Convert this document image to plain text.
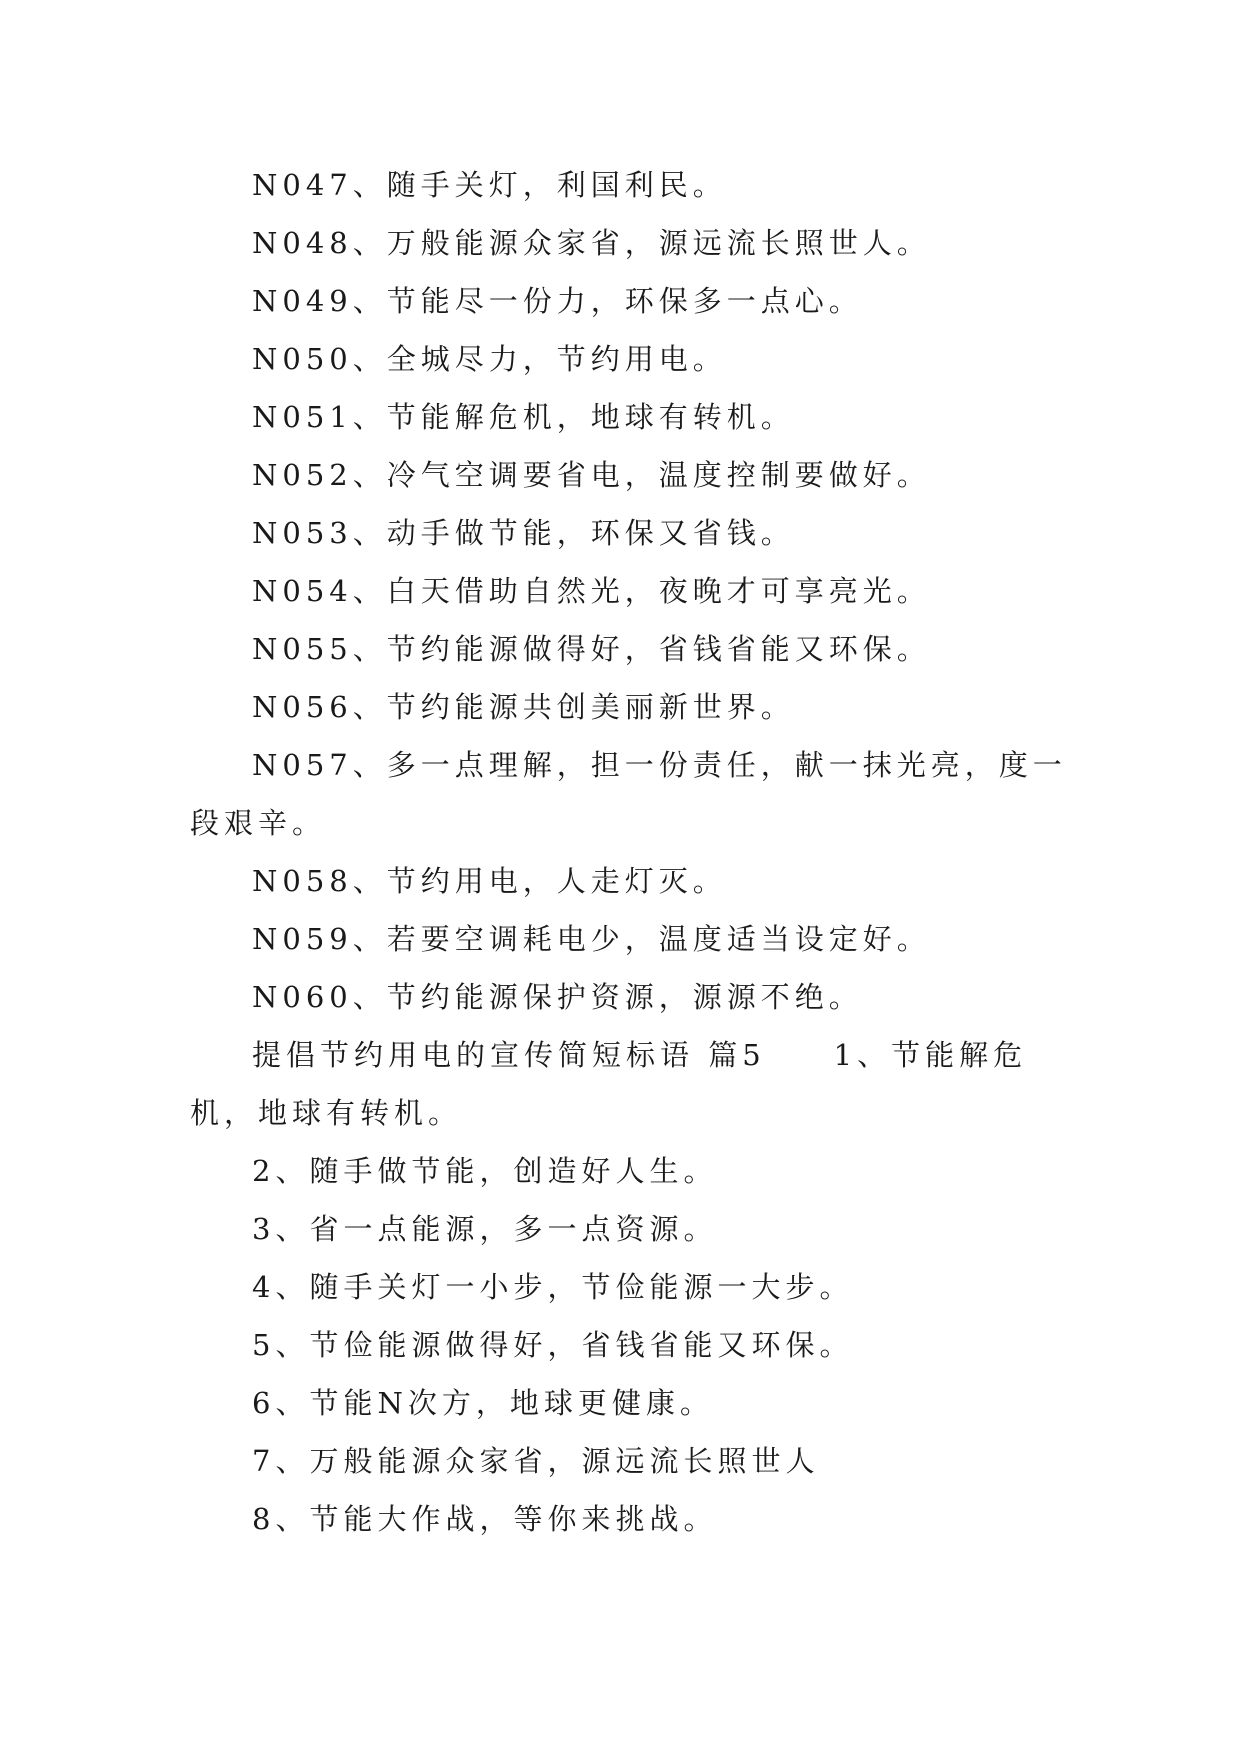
N047、随手关灯，利国利民。

N048、万般能源众家省，源远流长照世人。

N049、节能尽一份力，环保多一点心。

N050、全城尽力，节约用电。

N051、节能解危机，地球有转机。

N052、冷气空调要省电，温度控制要做好。

N053、动手做节能，环保又省钱。

N054、白天借助自然光，夜晚才可享亮光。

N055、节约能源做得好，省钱省能又环保。

N056、节约能源共创美丽新世界。

N057、多一点理解，担一份责任，献一抹光亮，度一段艰辛。

N058、节约用电，人走灯灭。

N059、若要空调耗电少，温度适当设定好。

N060、节约能源保护资源，源源不绝。

提倡节约用电的宣传简短标语 篇5　　1、节能解危机，地球有转机。

2、随手做节能，创造好人生。

3、省一点能源，多一点资源。

4、随手关灯一小步，节俭能源一大步。

5、节俭能源做得好，省钱省能又环保。

6、节能N次方，地球更健康。

7、万般能源众家省，源远流长照世人

8、节能大作战，等你来挑战。
